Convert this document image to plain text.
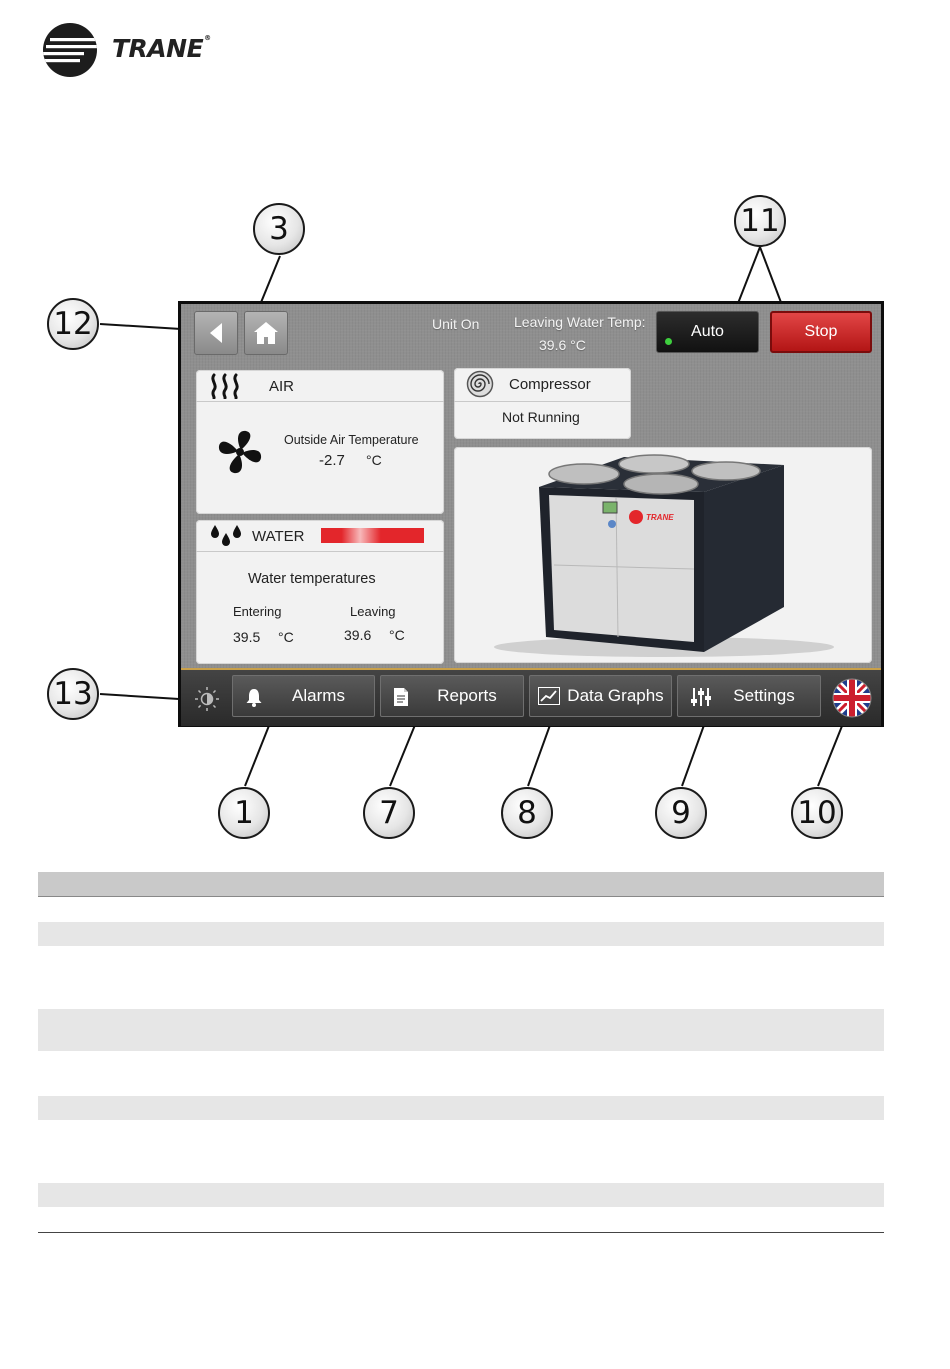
TRANE®
Unit On Leaving Water Temp:
39.6 °C
Auto	Stop
AIR
Outside Air Temperature
-2.7 °C
Compressor
Not Running
WATER
Water temperatures
Entering	Leaving
39.5 °C	39.6 °C
TRANE
Alarms	Reports	Data Graphs	Settings
3	11
12
13
1	7	8	9	10
